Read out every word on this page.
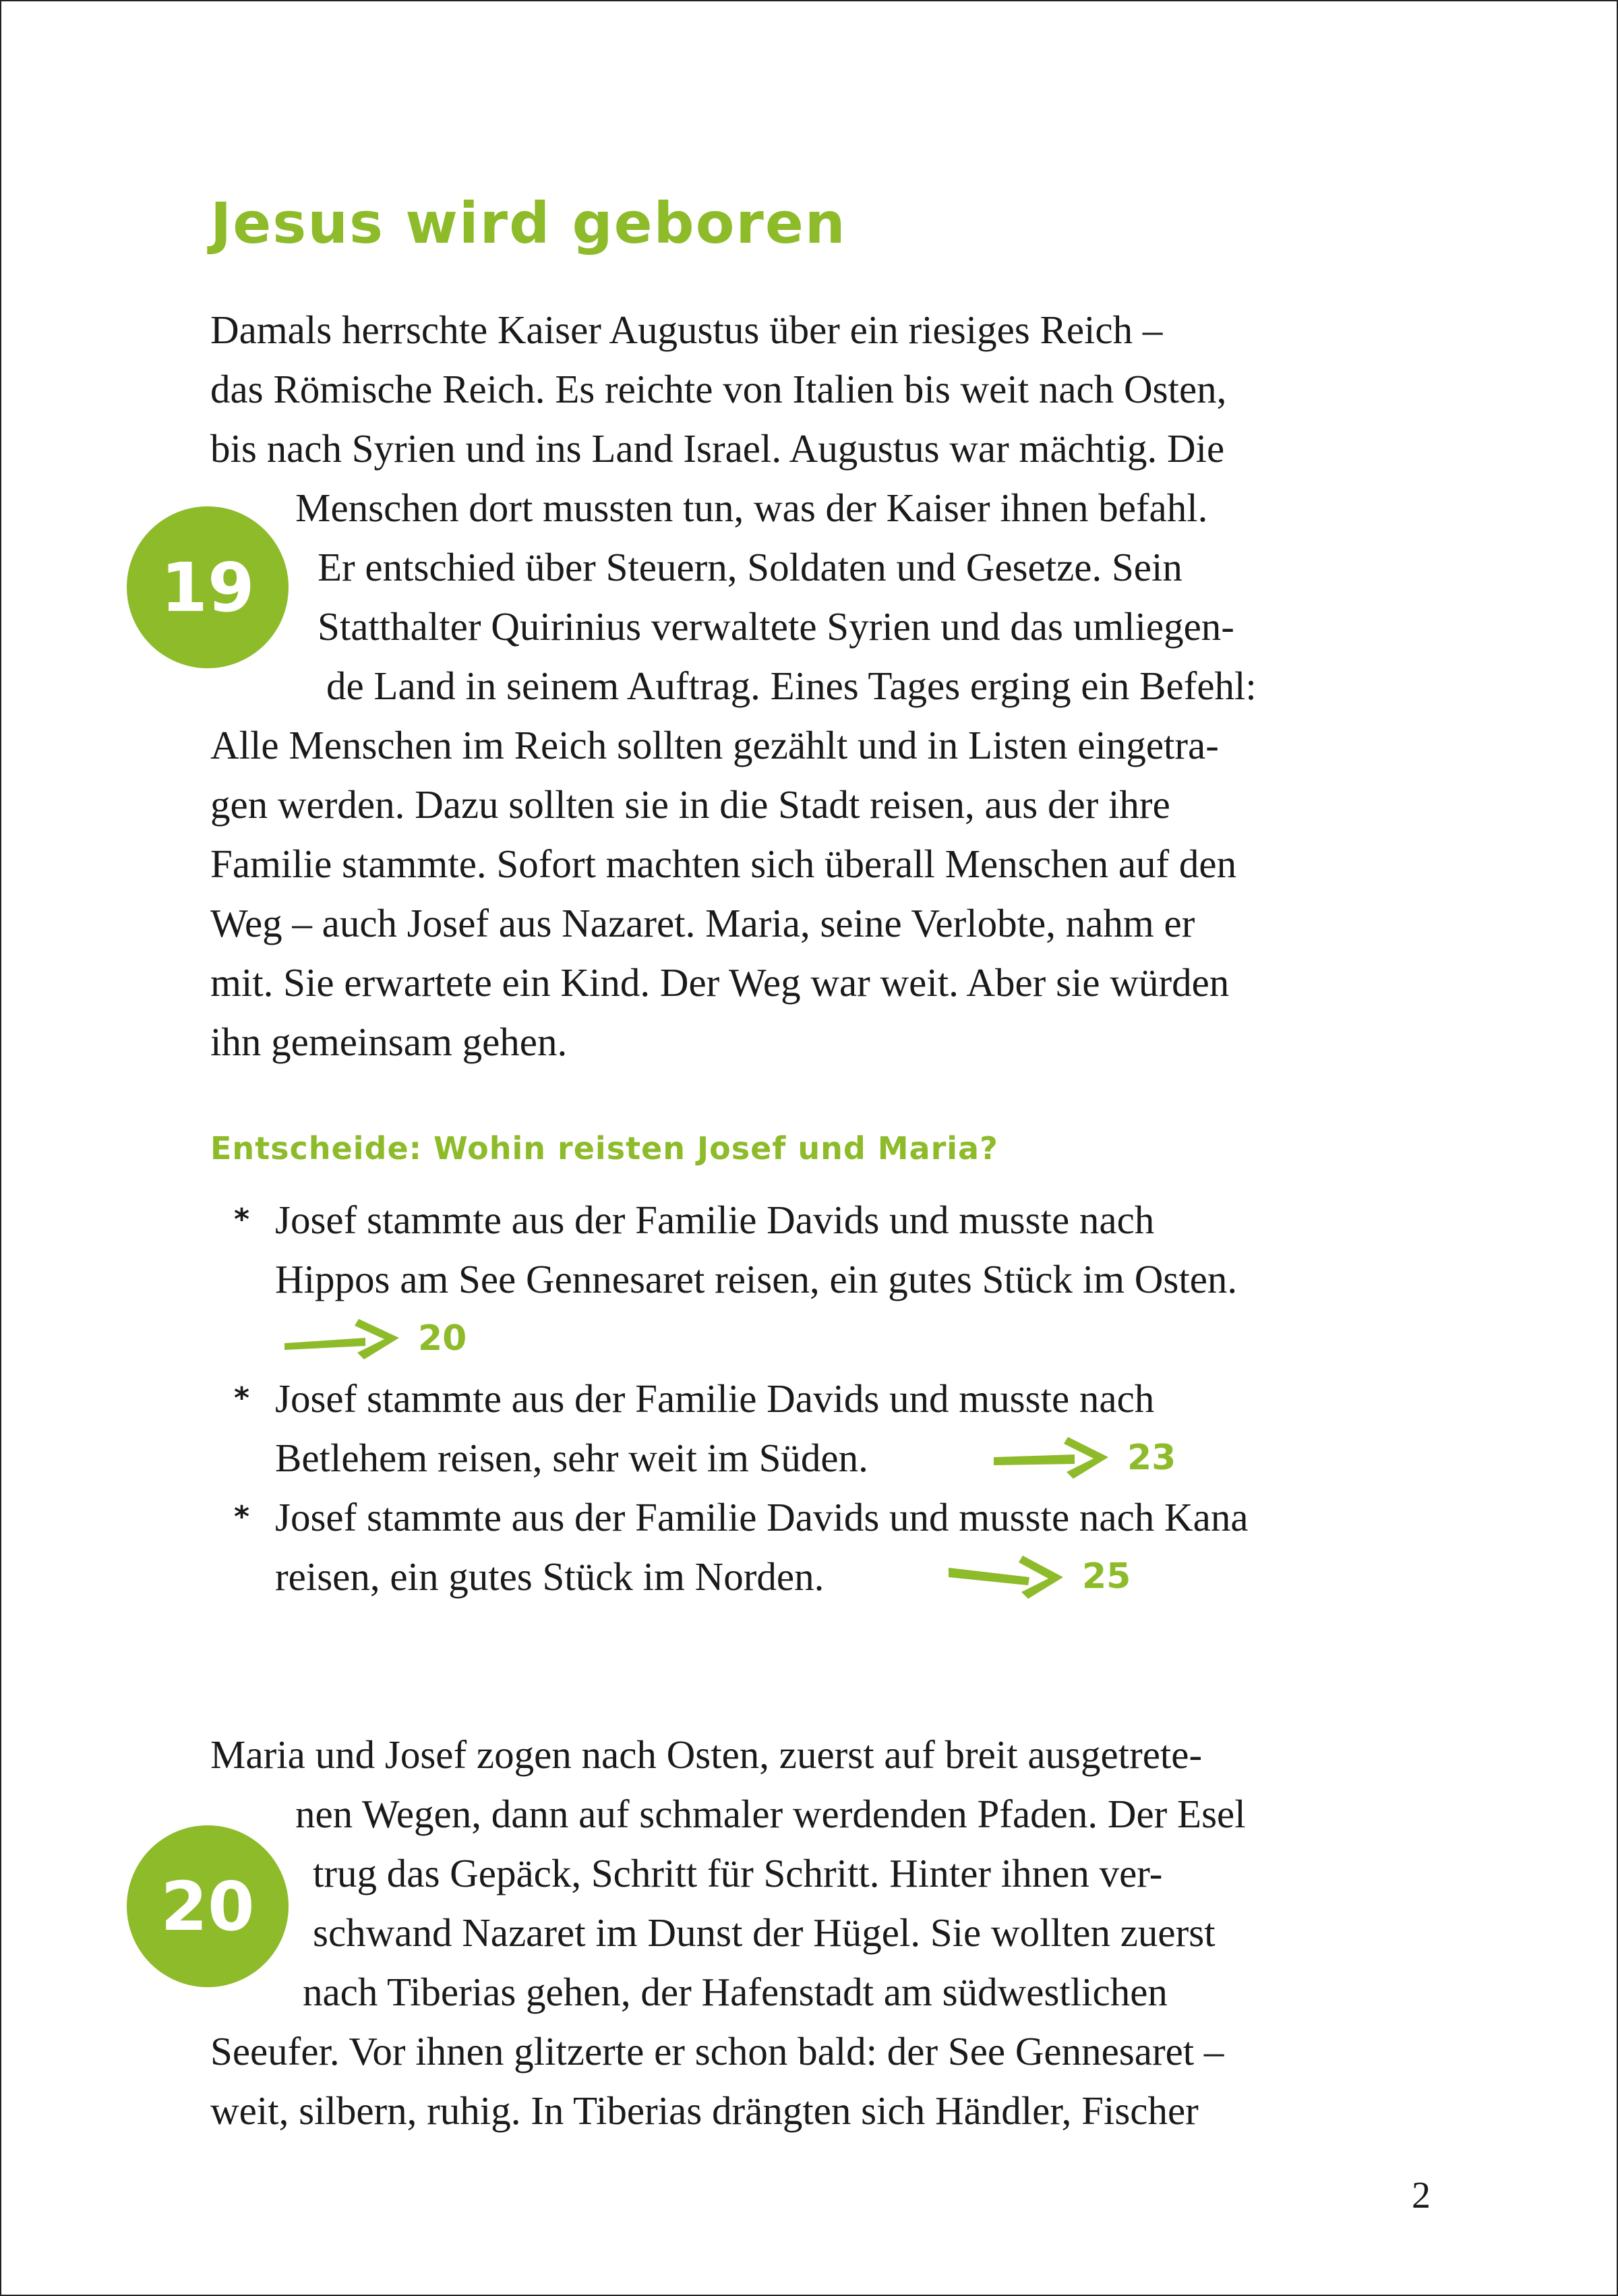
Jesus wird geboren
19
Damals herrschte Kaiser Augustus über ein riesiges Reich –
das Römische Reich. Es reichte von Italien bis weit nach Osten,
bis nach Syrien und ins Land Israel. Augustus war mächtig. Die
Menschen dort mussten tun, was der Kaiser ihnen befahl.
Er entschied über Steuern, Soldaten und Gesetze. Sein
Statthalter Quirinius verwaltete Syrien und das umliegen-
de Land in seinem Auftrag. Eines Tages erging ein Befehl:
Alle Menschen im Reich sollten gezählt und in Listen eingetra-
gen werden. Dazu sollten sie in die Stadt reisen, aus der ihre
Familie stammte. Sofort machten sich überall Menschen auf den
Weg – auch Josef aus Nazaret. Maria, seine Verlobte, nahm er
mit. Sie erwartete ein Kind. Der Weg war weit. Aber sie würden
ihn gemeinsam gehen.
Entscheide: Wohin reisten Josef und Maria?
* Josef stammte aus der Familie Davids und musste nach
Hippos am See Gennesaret reisen, ein gutes Stück im Osten.
20
* Josef stammte aus der Familie Davids und musste nach
Betlehem reisen, sehr weit im Süden.	23
* Josef stammte aus der Familie Davids und musste nach Kana
reisen, ein gutes Stück im Norden.	25
20
Maria und Josef zogen nach Osten, zuerst auf breit ausgetrete-
nen Wegen, dann auf schmaler werdenden Pfaden. Der Esel
trug das Gepäck, Schritt für Schritt. Hinter ihnen ver-
schwand Nazaret im Dunst der Hügel. Sie wollten zuerst
nach Tiberias gehen, der Hafenstadt am südwestlichen
Seeufer. Vor ihnen glitzerte er schon bald: der See Gennesaret –
weit, silbern, ruhig. In Tiberias drängten sich Händler, Fischer
2
